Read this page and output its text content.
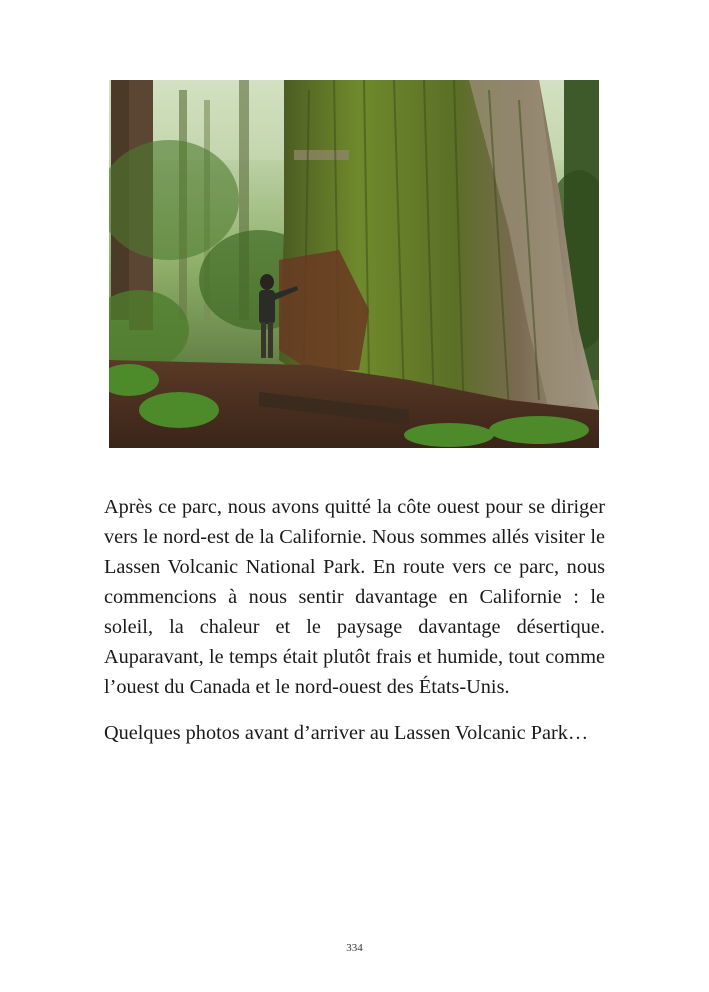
Après ce parc, nous avons quitté la côte ouest pour se diriger vers le nord-est de la Californie. Nous sommes allés visiter le Lassen Volcanic National Park. En route vers ce parc, nous commencions à nous sentir davantage en Californie : le soleil, la chaleur et le paysage davantage désertique. Auparavant, le temps était plutôt frais et humide, tout comme l’ouest du Canada et le nord-ouest des États-Unis.

Quelques photos avant d’arriver au Lassen Volcanic Park…

334
